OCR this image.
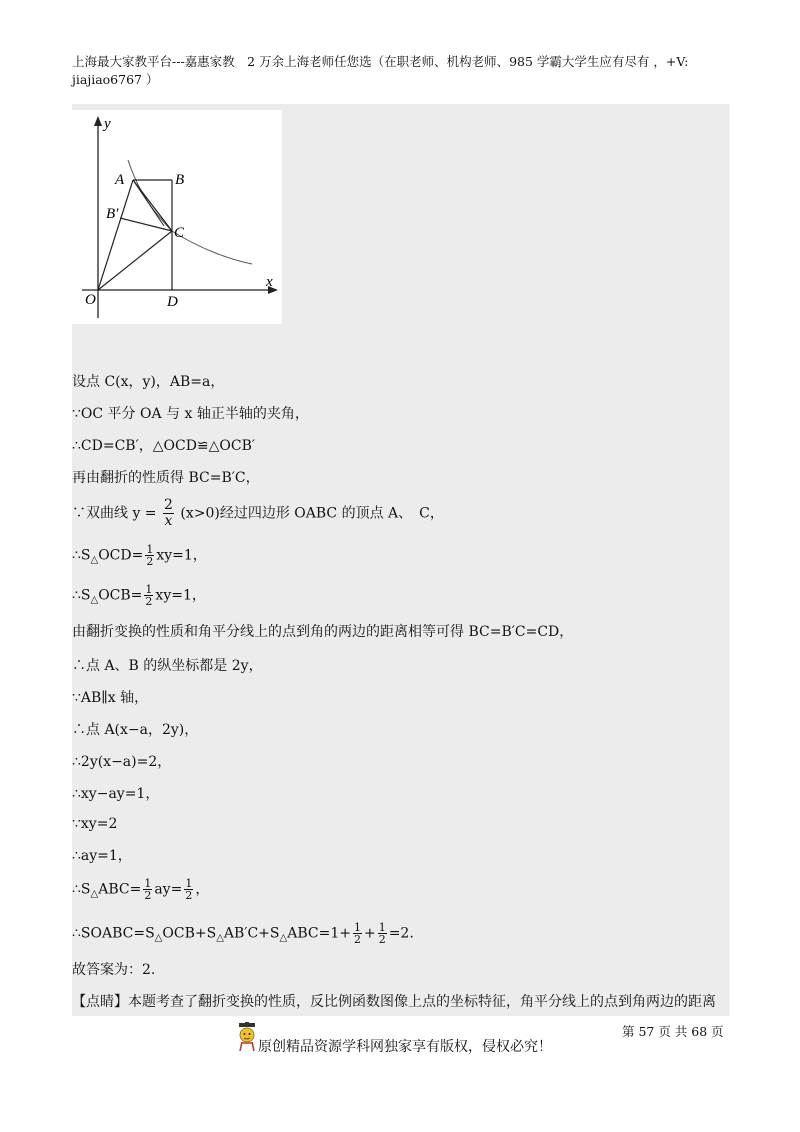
上海最大家教平台---嘉惠家教　2 万余上海老师任您选（在职老师、机构老师、985 学霸大学生应有尽有 ，+V: jiajiao6767 ）
y
x
A	B
B′
C
O	D
设点 C(x，y)，AB=a，
∵OC 平分 OA 与 x 轴正半轴的夹角，
∴CD=CB′，△OCD≌△OCB′
再由翻折的性质得 BC=B′C，
∵双曲线 $y = \frac{2}{x} (x>0)$经过四边形 OABC 的顶点 A、　C，
$\therefore S_\triangle OCD= \frac{1}{2} xy=1$，
$\therefore S_\triangle OCB= \frac{1}{2} xy=1$，
由翻折变换的性质和角平分线上的点到角的两边的距离相等可得 BC=B′C=CD，
∴点 A、B 的纵坐标都是 2y，
∵AB∥x 轴，
∴点 A(x−a，2y)，
∴2y(x−a)=2，
∴xy−ay=1，
∵xy=2
∴ay=1，
$\therefore S_\triangle ABC= \frac{1}{2} ay= \frac{1}{2}$ ，
$\therefore SOABC=S_\triangle OCB+S_\triangle AB'C+S_\triangle ABC=1+ \frac{1}{2} + \frac{1}{2} =2$.
故答案为：2.
【点睛】本题考查了翻折变换的性质，反比例函数图像上点的坐标特征，角平分线上的点到角两边的距离
第 57 页 共 68 页
原创精品资源学科网独家享有版权，侵权必究！
